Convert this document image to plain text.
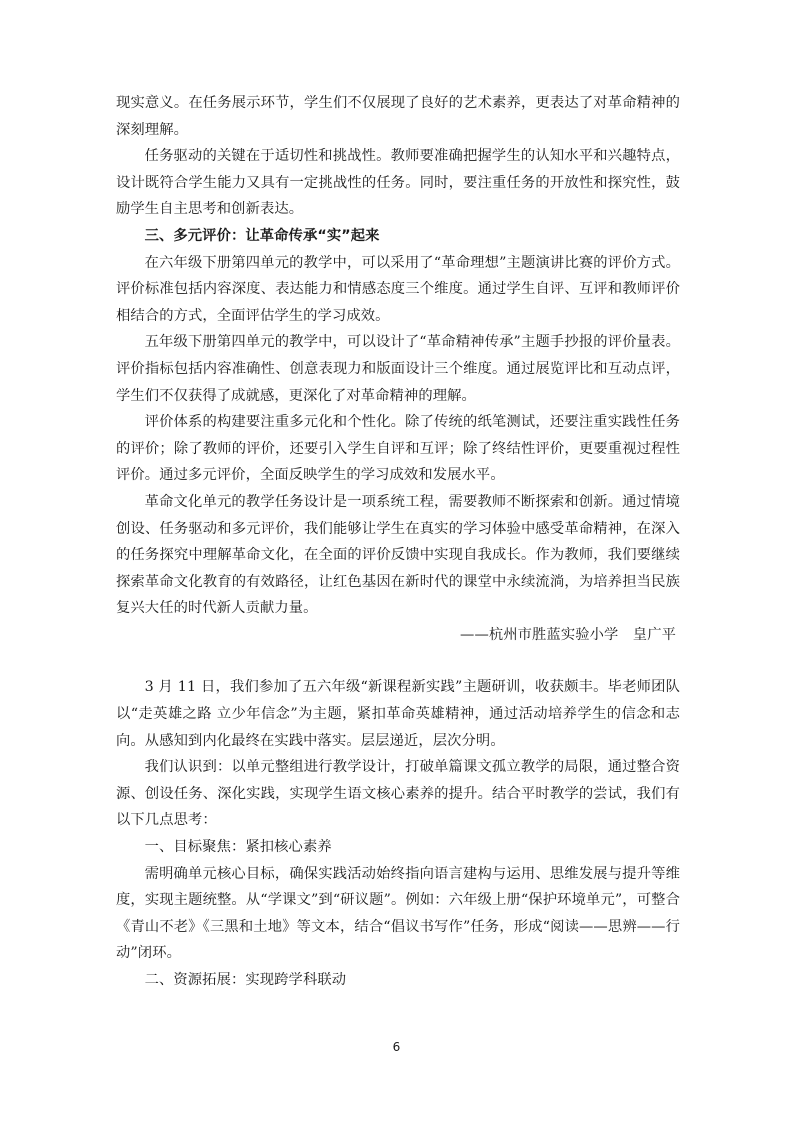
现实意义。在任务展示环节，学生们不仅展现了良好的艺术素养，更表达了对革命精神的深刻理解。

任务驱动的关键在于适切性和挑战性。教师要准确把握学生的认知水平和兴趣特点，设计既符合学生能力又具有一定挑战性的任务。同时，要注重任务的开放性和探究性，鼓励学生自主思考和创新表达。

三、多元评价：让革命传承“实”起来

在六年级下册第四单元的教学中，可以采用了“革命理想”主题演讲比赛的评价方式。评价标准包括内容深度、表达能力和情感态度三个维度。通过学生自评、互评和教师评价相结合的方式，全面评估学生的学习成效。

五年级下册第四单元的教学中，可以设计了“革命精神传承”主题手抄报的评价量表。评价指标包括内容准确性、创意表现力和版面设计三个维度。通过展览评比和互动点评，学生们不仅获得了成就感，更深化了对革命精神的理解。

评价体系的构建要注重多元化和个性化。除了传统的纸笔测试，还要注重实践性任务的评价；除了教师的评价，还要引入学生自评和互评；除了终结性评价，更要重视过程性评价。通过多元评价，全面反映学生的学习成效和发展水平。

革命文化单元的教学任务设计是一项系统工程，需要教师不断探索和创新。通过情境创设、任务驱动和多元评价，我们能够让学生在真实的学习体验中感受革命精神，在深入的任务探究中理解革命文化，在全面的评价反馈中实现自我成长。作为教师，我们要继续探索革命文化教育的有效路径，让红色基因在新时代的课堂中永续流淌，为培养担当民族复兴大任的时代新人贡献力量。

——杭州市胜蓝实验小学　皇广平

3 月 11 日，我们参加了五六年级“新课程新实践”主题研训，收获颇丰。毕老师团队以“走英雄之路 立少年信念”为主题，紧扣革命英雄精神，通过活动培养学生的信念和志向。从感知到内化最终在实践中落实。层层递近，层次分明。

我们认识到：以单元整组进行教学设计，打破单篇课文孤立教学的局限，通过整合资源、创设任务、深化实践，实现学生语文核心素养的提升。结合平时教学的尝试，我们有以下几点思考：

一、目标聚焦：紧扣核心素养

需明确单元核心目标，确保实践活动始终指向语言建构与运用、思维发展与提升等维度，实现主题统整。从“学课文”到“研议题”。例如：六年级上册“保护环境单元”，可整合《青山不老》《三黑和土地》等文本，结合“倡议书写作”任务，形成“阅读——思辨——行动”闭环。

二、资源拓展：实现跨学科联动

6
